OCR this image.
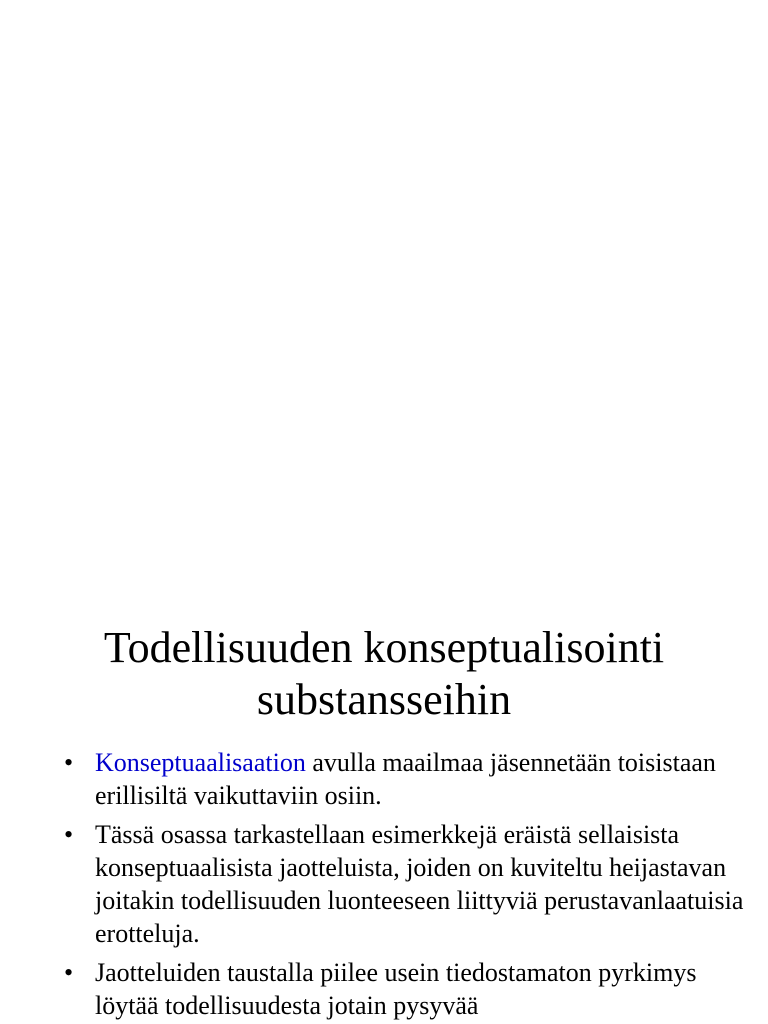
Todellisuuden konseptualisointi
substansseihin
• Konseptuaalisaation avulla maailmaa jäsennetään toisistaan erillisiltä vaikuttaviin osiin.
• Tässä osassa tarkastellaan esimerkkejä eräistä sellaisista konseptuaalisista jaotteluista, joiden on kuviteltu heijastavan joitakin todellisuuden luonteeseen liittyviä perustavanlaatuisia erotteluja.
• Jaotteluiden taustalla piilee usein tiedostamaton pyrkimys löytää todellisuudesta jotain pysyvää
